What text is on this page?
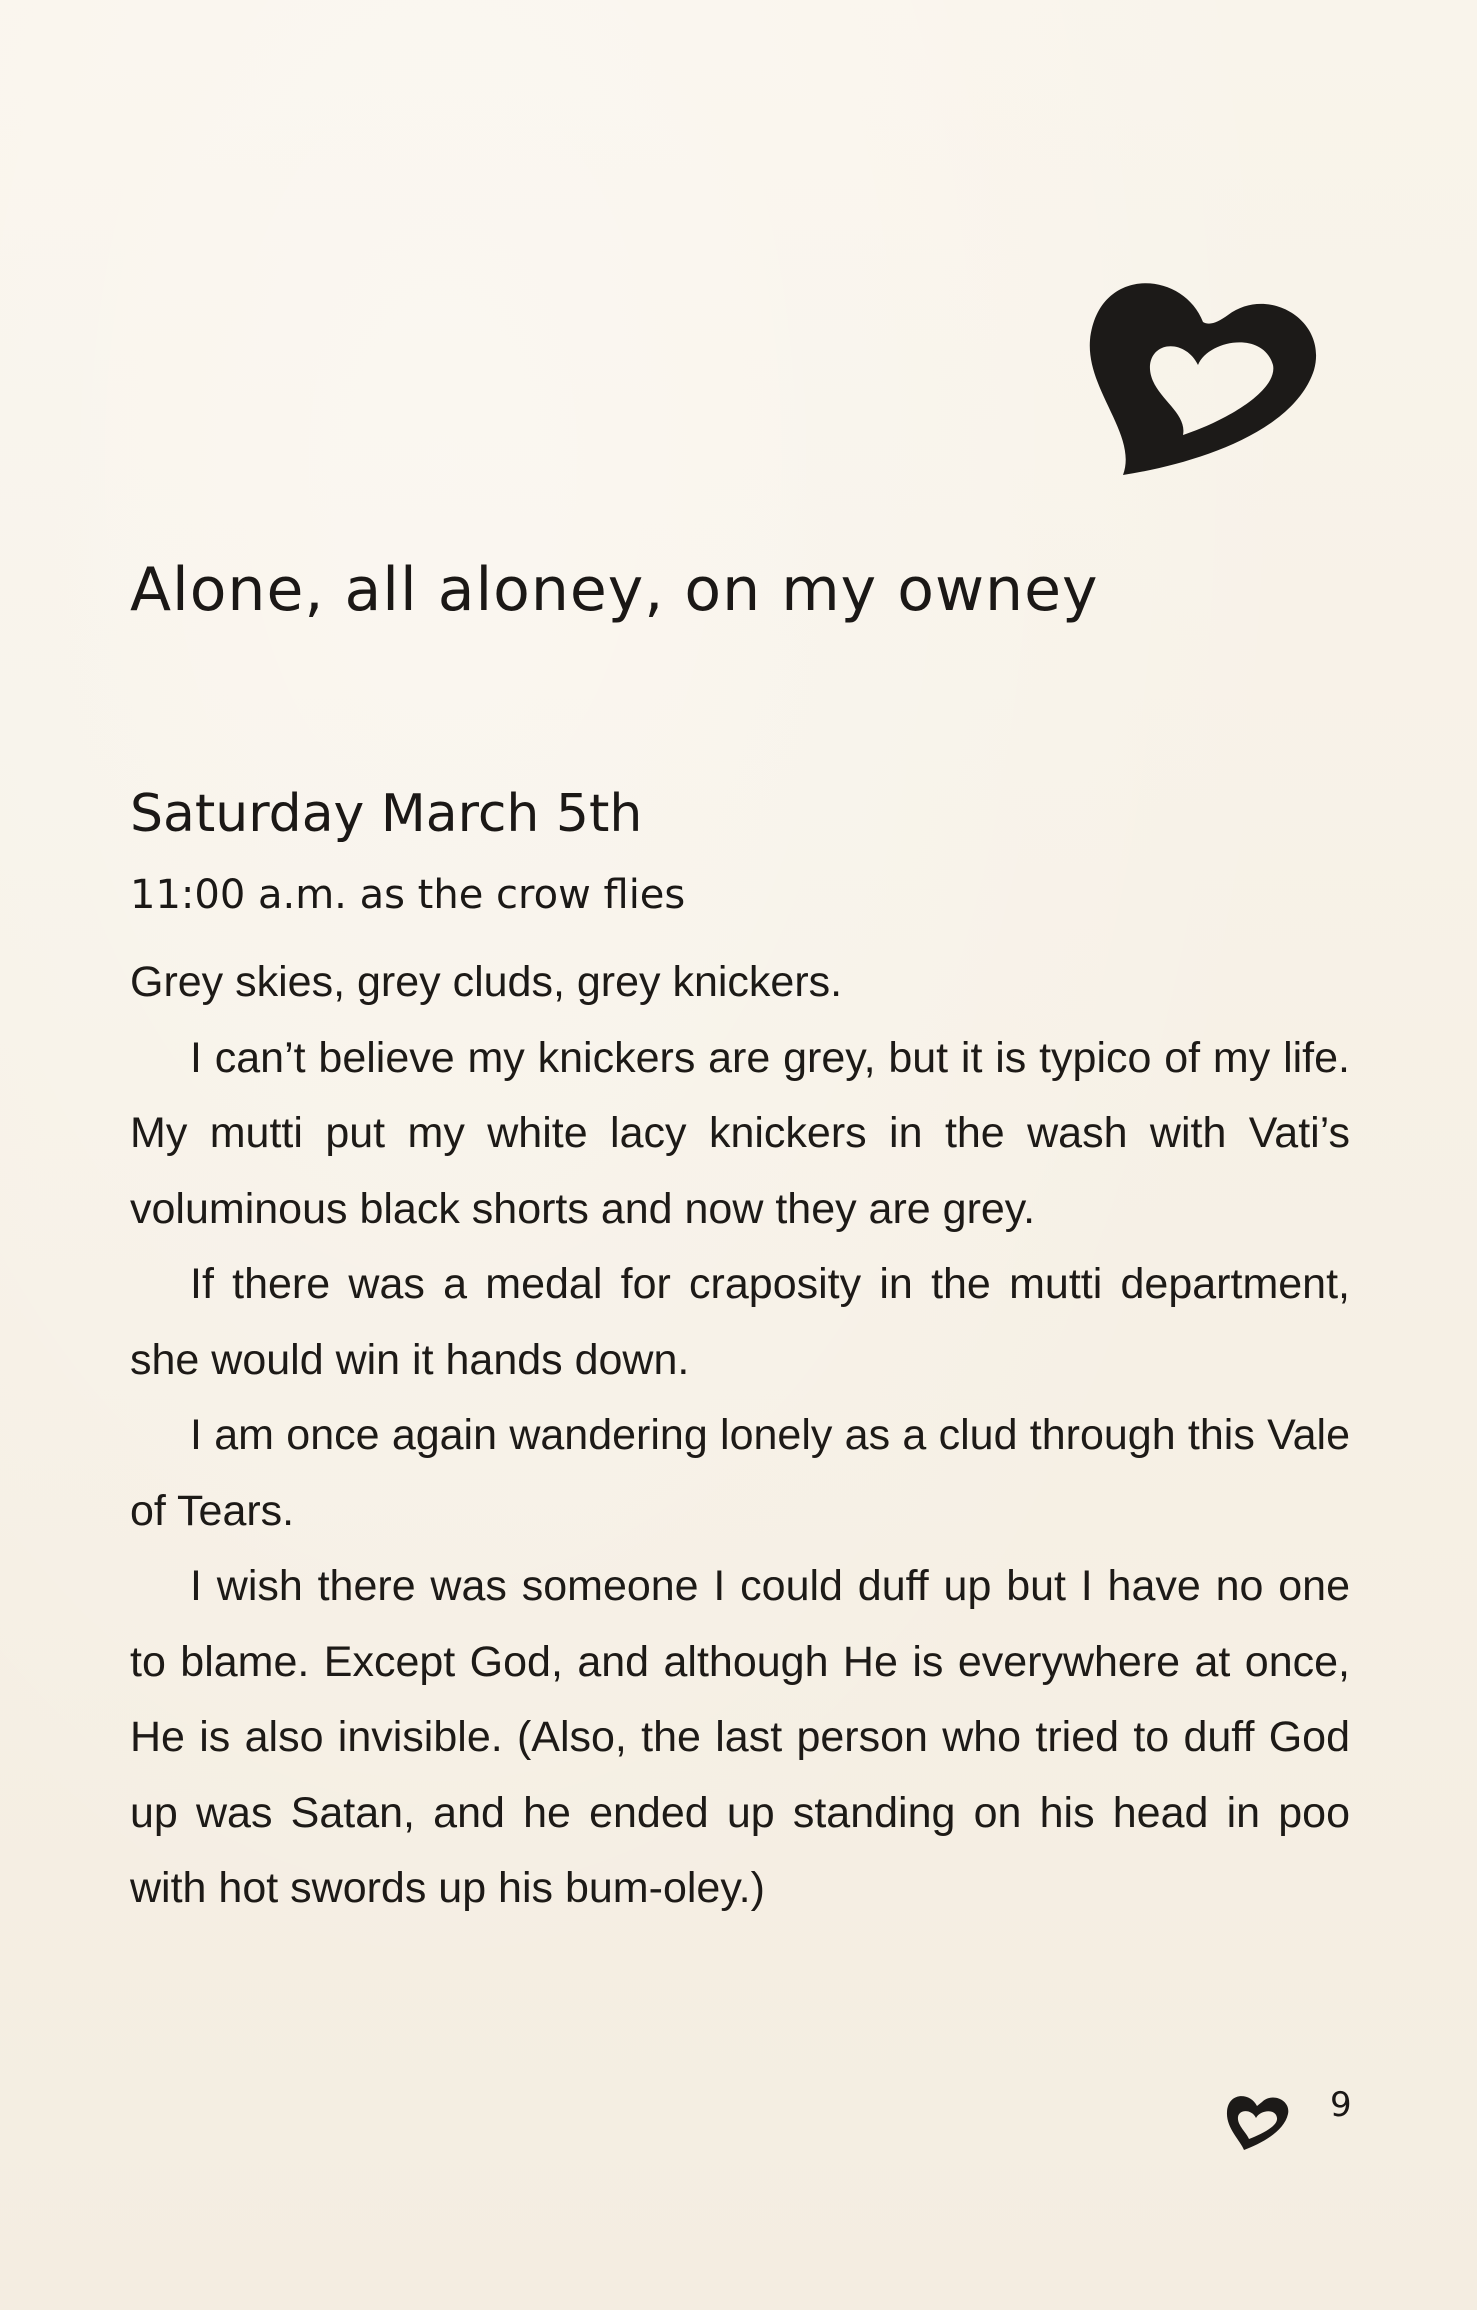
Alone, all aloney, on my owney
Saturday March 5th
11:00 a.m. as the crow flies

Grey skies, grey cluds, grey knickers.

I can’t believe my knickers are grey, but it is typico of my life. My mutti put my white lacy knickers in the wash with Vati’s voluminous black shorts and now they are grey.

If there was a medal for craposity in the mutti department, she would win it hands down.

I am once again wandering lonely as a clud through this Vale of Tears.

I wish there was someone I could duff up but I have no one to blame. Except God, and although He is everywhere at once, He is also invisible. (Also, the last person who tried to duff God up was Satan, and he ended up standing on his head in poo with hot swords up his bum-oley.)

9
